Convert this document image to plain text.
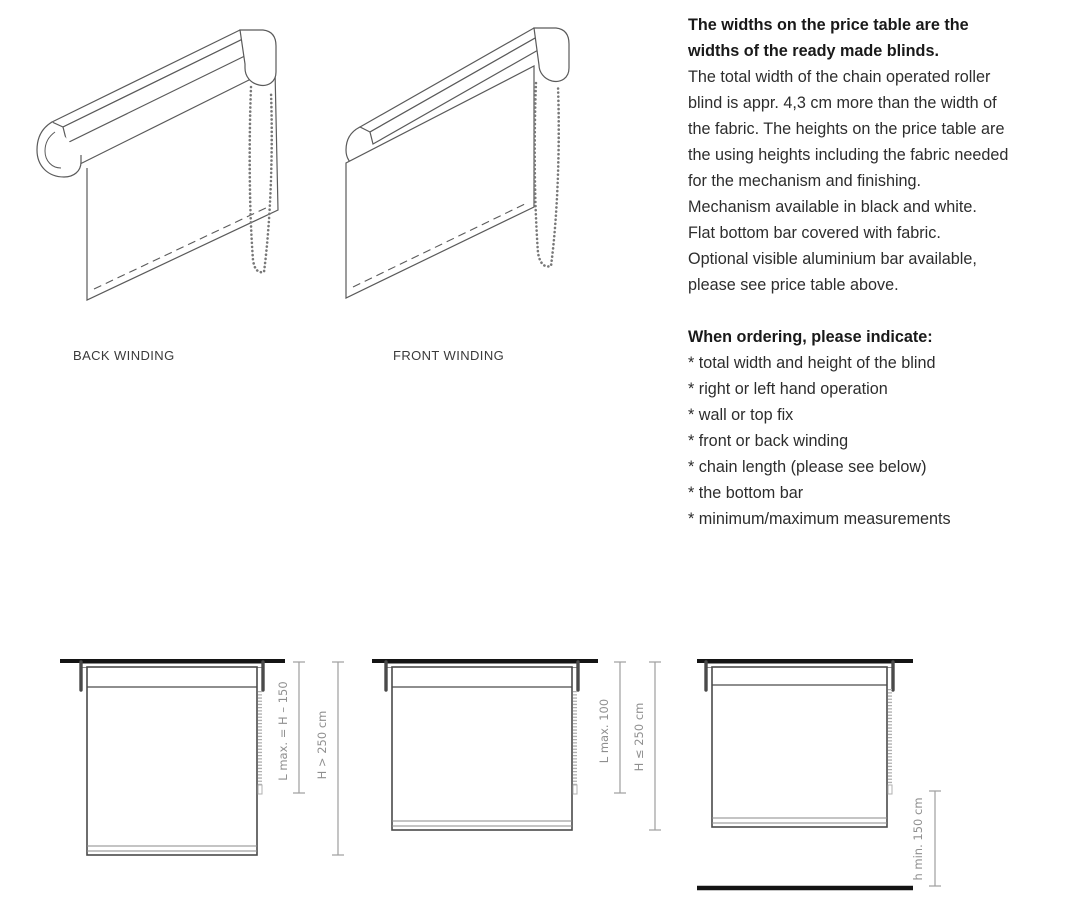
BACK WINDING	FRONT WINDING
The widths on the price table are the
widths of the ready made blinds.
The total width of the chain operated roller
blind is appr. 4,3 cm more than the width of
the fabric. The heights on the price table are
the using heights including the fabric needed
for the mechanism and finishing.
Mechanism available in black and white.
Flat bottom bar covered with fabric.
Optional visible aluminium bar available,
please see price table above.
When ordering, please indicate:
* total width and height of the blind
* right or left hand operation
* wall or top fix
* front or back winding
* chain length (please see below)
* the bottom bar
* minimum/maximum measurements
L max. = H – 150 H > 250 cm	L max. 100 H ≤ 250 cm
h min. 150 cm
